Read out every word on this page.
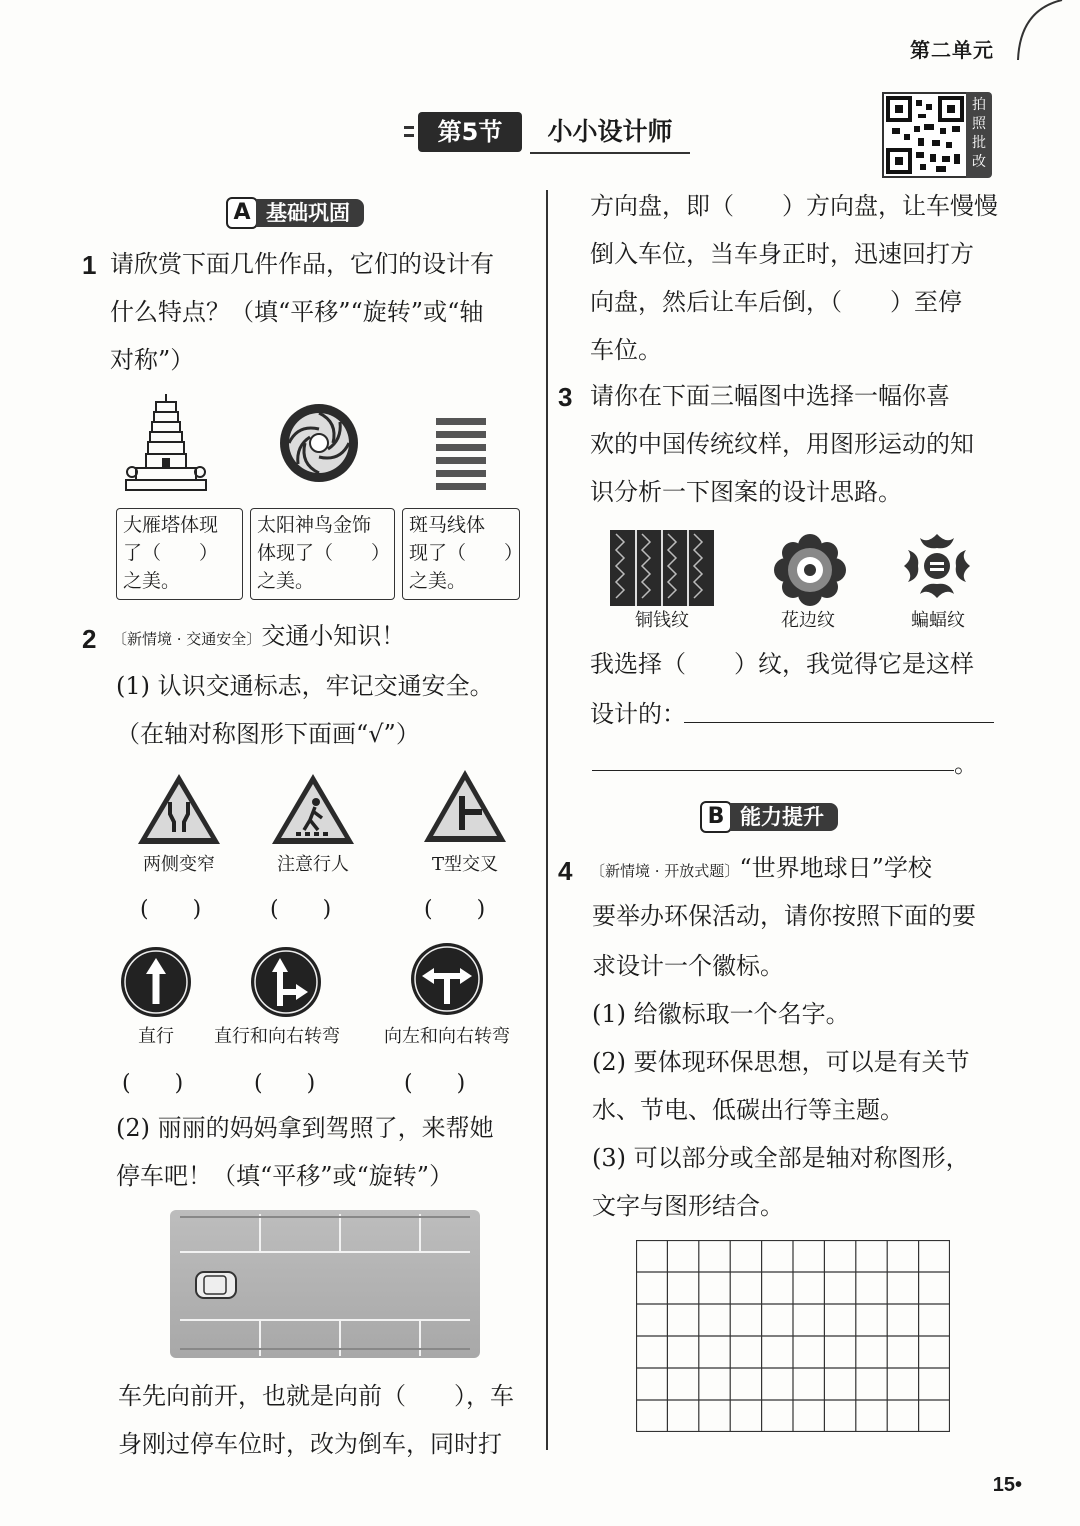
第二单元
第5节	小小设计师
拍照批改
A 基础巩固
1 请欣赏下面几件作品，它们的设计有
什么特点？（填“平移”“旋转”或“轴
对称”）
大雁塔体现
了（　　）
之美。
太阳神鸟金饰
体现了（　　）
之美。
斑马线体
现了（　　）
之美。
2 〔新情境 · 交通安全〕交通小知识！
(1) 认识交通标志，牢记交通安全。
（在轴对称图形下面画“√”）
两侧变窄	注意行人	T型交叉
(　　)	(　　)	(　　)
直行	直行和向右转弯	向左和向右转弯
(　　)	(　　)	(　　)
(2) 丽丽的妈妈拿到驾照了，来帮她
停车吧！（填“平移”或“旋转”）
车先向前开，也就是向前（　　），车
身刚过停车位时，改为倒车，同时打
方向盘，即（　　）方向盘，让车慢慢
倒入车位，当车身正时，迅速回打方
向盘，然后让车后倒，（　　）至停
车位。
3 请你在下面三幅图中选择一幅你喜
欢的中国传统纹样，用图形运动的知
识分析一下图案的设计思路。
铜钱纹	花边纹	蝙蝠纹
我选择（　　）纹，我觉得它是这样
设计的：
。
B 能力提升
4 〔新情境 · 开放式题〕“世界地球日”学校
要举办环保活动，请你按照下面的要
求设计一个徽标。
(1) 给徽标取一个名字。
(2) 要体现环保思想，可以是有关节
水、节电、低碳出行等主题。
(3) 可以部分或全部是轴对称图形，
文字与图形结合。
15•
